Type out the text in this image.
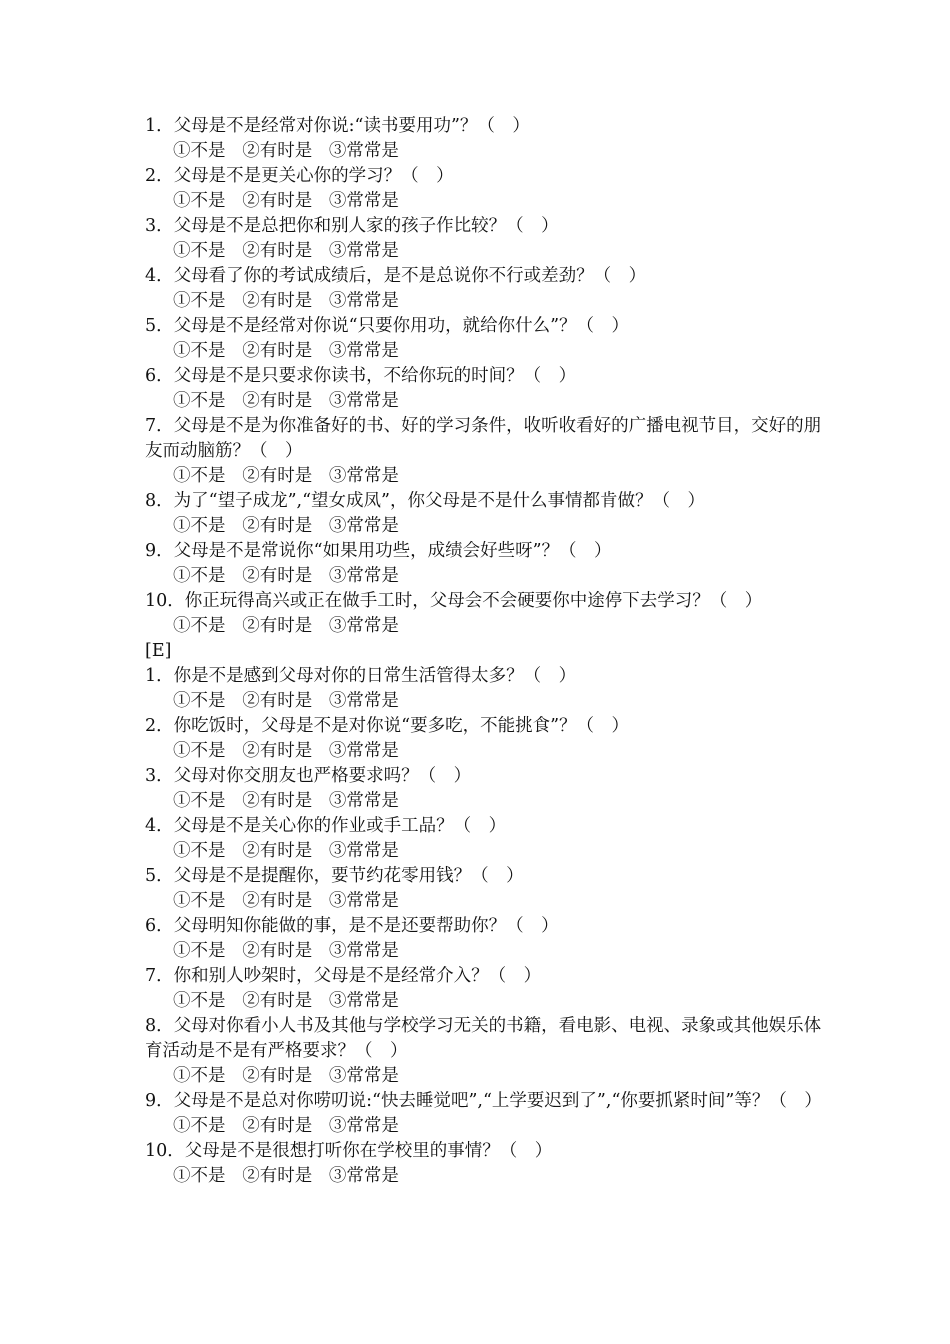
1．父母是不是经常对你说:“读书要用功”？（　）

①不是   ②有时是   ③常常是

2．父母是不是更关心你的学习？（　）

①不是   ②有时是   ③常常是

3．父母是不是总把你和别人家的孩子作比较？（　）

①不是   ②有时是   ③常常是

4．父母看了你的考试成绩后，是不是总说你不行或差劲？（　）

①不是   ②有时是   ③常常是

5．父母是不是经常对你说“只要你用功，就给你什么”？（　）

①不是   ②有时是   ③常常是

6．父母是不是只要求你读书，不给你玩的时间？（　）

①不是   ②有时是   ③常常是

7．父母是不是为你准备好的书、好的学习条件，收听收看好的广播电视节目，交好的朋友而动脑筋？（　）

①不是   ②有时是   ③常常是

8．为了“望子成龙”,“望女成凤”，你父母是不是什么事情都肯做？（　）

①不是   ②有时是   ③常常是

9．父母是不是常说你“如果用功些，成绩会好些呀”？（　）

①不是   ②有时是   ③常常是

10．你正玩得高兴或正在做手工时，父母会不会硬要你中途停下去学习？（　）

①不是   ②有时是   ③常常是

[E]

1．你是不是感到父母对你的日常生活管得太多？（　）

①不是   ②有时是   ③常常是

2．你吃饭时，父母是不是对你说“要多吃，不能挑食”？（　）

①不是   ②有时是   ③常常是

3．父母对你交朋友也严格要求吗？（　）

①不是   ②有时是   ③常常是

4．父母是不是关心你的作业或手工品？（　）

①不是   ②有时是   ③常常是

5．父母是不是提醒你，要节约花零用钱？（　）

①不是   ②有时是   ③常常是

6．父母明知你能做的事，是不是还要帮助你？（　）

①不是   ②有时是   ③常常是

7．你和别人吵架时，父母是不是经常介入？（　）

①不是   ②有时是   ③常常是

8．父母对你看小人书及其他与学校学习无关的书籍，看电影、电视、录象或其他娱乐体育活动是不是有严格要求？（　）

①不是   ②有时是   ③常常是

9．父母是不是总对你唠叨说:“快去睡觉吧”,“上学要迟到了”,“你要抓紧时间”等？（　）

①不是   ②有时是   ③常常是

10．父母是不是很想打听你在学校里的事情？（　）

①不是   ②有时是   ③常常是
